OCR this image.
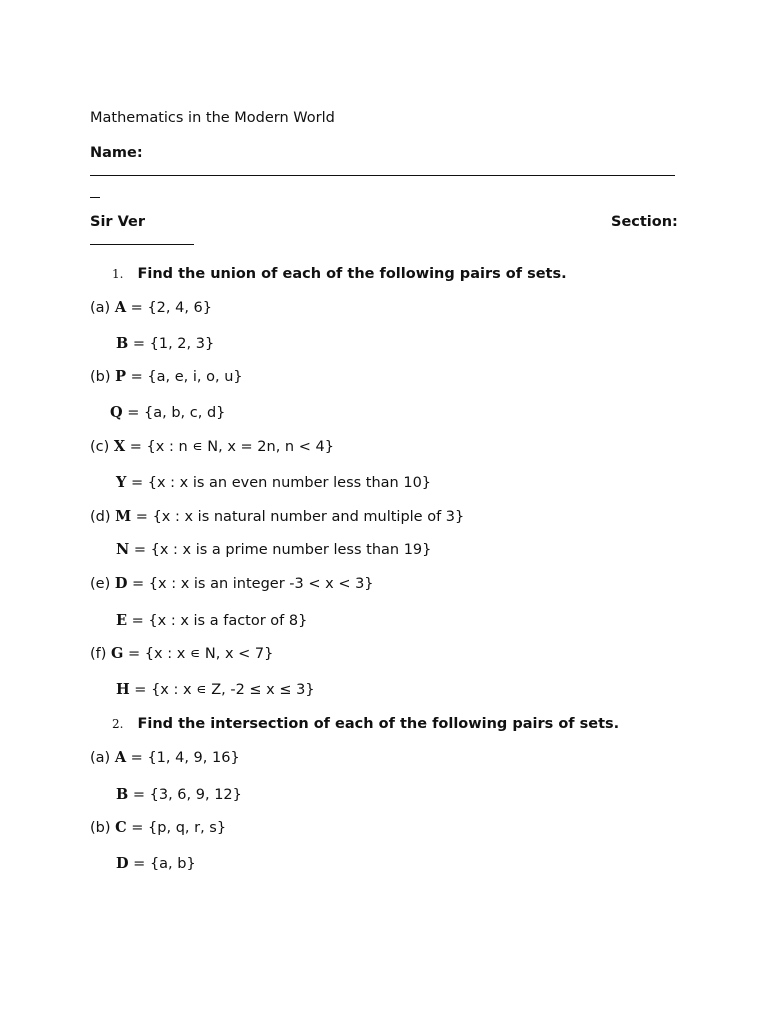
Mathematics in the Modern World
Name:
Sir Ver	Section:
1. Find the union of each of the following pairs of sets.
(a) A = {2, 4, 6}
B = {1, 2, 3}
(b) P = {a, e, i, o, u}
Q = {a, b, c, d}
(c) X = {x : n ∊ N, x = 2n, n < 4}
Y = {x : x is an even number less than 10}
(d) M = {x : x is natural number and multiple of 3}
N = {x : x is a prime number less than 19}
(e) D = {x : x is an integer -3 < x < 3}
E = {x : x is a factor of 8}
(f) G = {x : x ∊ N, x < 7}
H = {x : x ∊ Z, -2 ≤ x ≤ 3}
2. Find the intersection of each of the following pairs of sets.
(a) A = {1, 4, 9, 16}
B = {3, 6, 9, 12}
(b) C = {p, q, r, s}
D = {a, b}
